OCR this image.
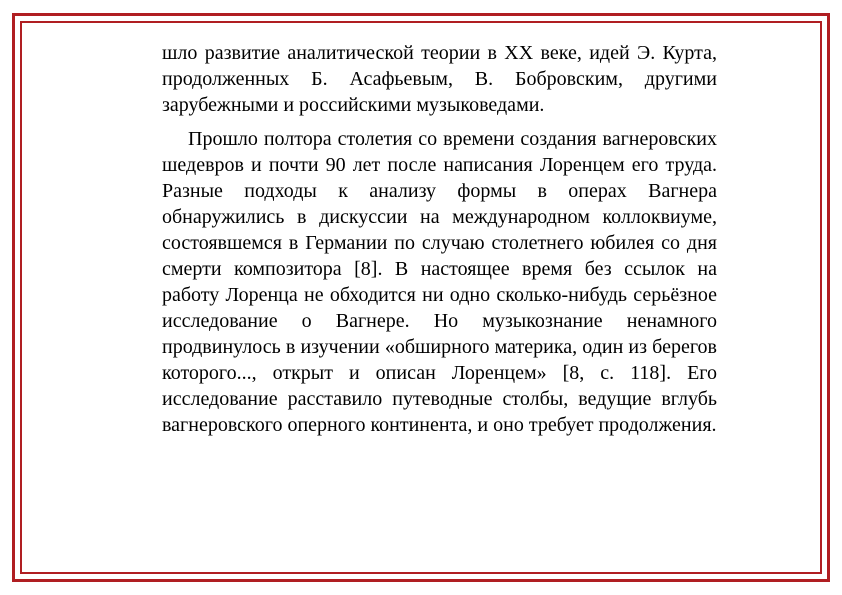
шло развитие аналитической теории в XX веке, идей Э. Курта, продолженных Б. Асафьевым, В. Бобровским, другими зарубежными и российскими музыковедами.

Прошло полтора столетия со времени создания вагнеровских шедевров и почти 90 лет после написания Лоренцем его труда. Разные подходы к анализу формы в операх Вагнера обнаружились в дискуссии на международном коллоквиуме, состоявшемся в Германии по случаю столетнего юбилея со дня смерти композитора [8]. В настоящее время без ссылок на работу Лоренца не обходится ни одно сколько-нибудь серьёзное исследование о Вагнере. Но музыкознание ненамного продвинулось в изучении «обширного материка, один из берегов которого..., открыт и описан Лоренцем» [8, с. 118]. Его исследование расставило путеводные столбы, ведущие вглубь вагнеровского оперного континента, и оно требует продолжения.
